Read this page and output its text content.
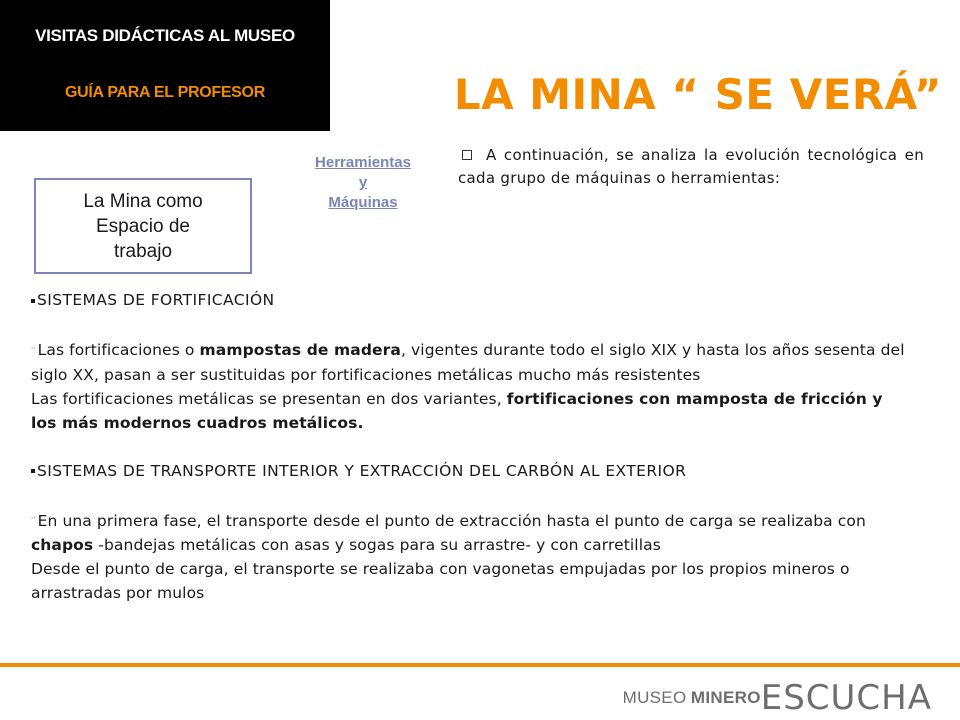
VISITAS DIDÁCTICAS AL MUSEO
GUÍA PARA EL PROFESOR	LA MINA “ SE VERÁ”
La Mina como
Espacio de
trabajo
Herramientas
y
Máquinas
A continuación, se analiza la evolución tecnológica en cada grupo de máquinas o herramientas:

SISTEMAS DE FORTIFICACIÓN

'' Las fortificaciones o mampostas de madera, vigentes durante todo el siglo XIX y hasta los años sesenta del siglo XX, pasan a ser sustituidas por fortificaciones metálicas mucho más resistentes

Las fortificaciones metálicas se presentan en dos variantes, fortificaciones con mamposta de fricción y los más modernos cuadros metálicos.

SISTEMAS DE TRANSPORTE INTERIOR Y EXTRACCIÓN DEL CARBÓN AL EXTERIOR

'' En una primera fase, el transporte desde el punto de extracción hasta el punto de carga se realizaba con chapos -bandejas metálicas con asas y sogas para su arrastre- y con carretillas

Desde el punto de carga, el transporte se realizaba con vagonetas empujadas por los propios mineros o arrastradas por mulos

MUSEO MINEROESCUCHA
